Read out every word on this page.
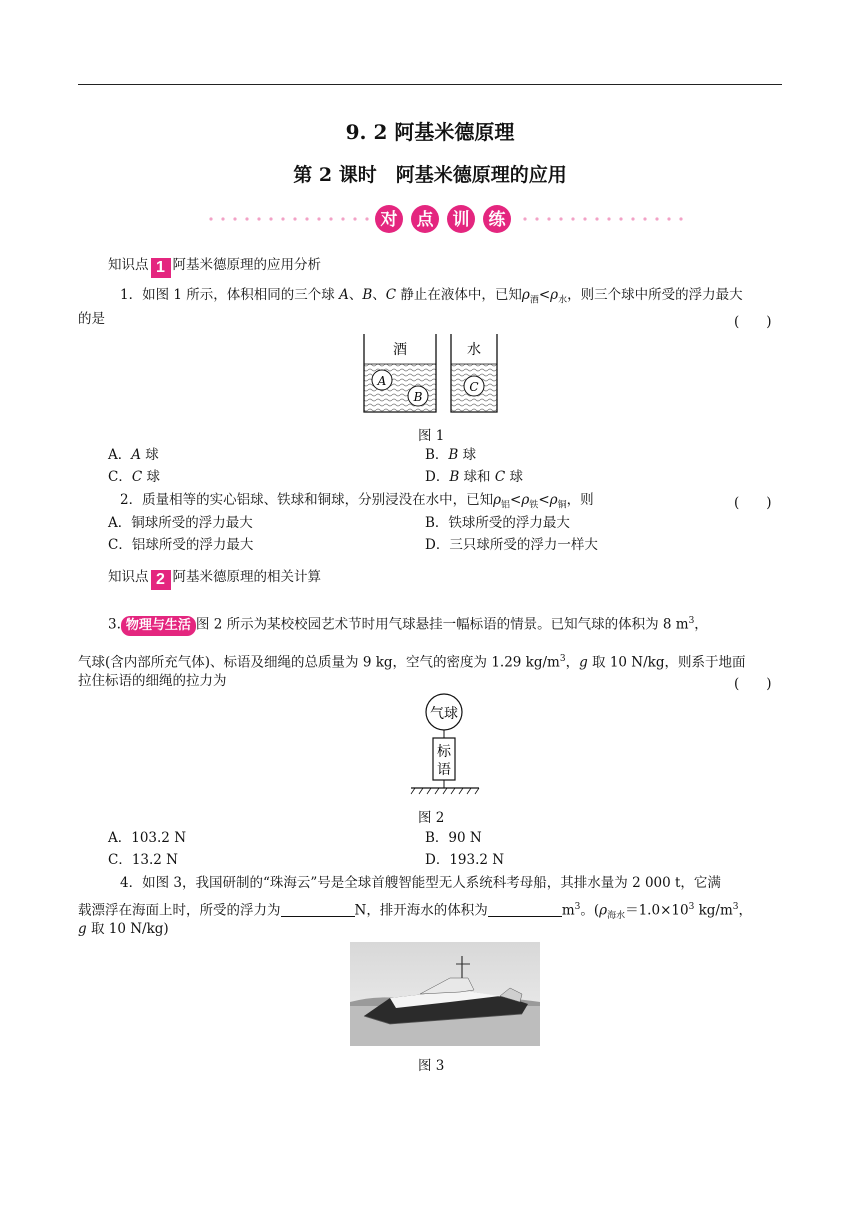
9. 2 阿基米德原理
第 2 课时　阿基米德原理的应用
对 点 训 练
知识点 1 阿基米德原理的应用分析
1．如图 1 所示，体积相同的三个球 A、B、C 静止在液体中，已知$\rho_酒<\rho_水$，则三个球中所受的浮力最大
的是	(　　)
酒	水
A
B
C
图 1
A．A 球	B．B 球
C．C 球	D．B 球和 C 球
2．质量相等的实心铝球、铁球和铜球，分别浸没在水中，已知$\rho_铝<\rho_铁<\rho_铜$，则	(　　)
A．铜球所受的浮力最大	B．铁球所受的浮力最大
C．铝球所受的浮力最大	D．三只球所受的浮力一样大
知识点 2 阿基米德原理的相关计算
3. 物理与生活 图 2 所示为某校校园艺术节时用气球悬挂一幅标语的情景。已知气球的体积为 8 $m^3$，
气球(含内部所充气体)、标语及细绳的总质量为 9 kg，空气的密度为 1.29 $kg/m^3$，g 取 10 N/kg，则系于地面
拉住标语的细绳的拉力为	(　　)
气球
标
语
图 2
A．103.2 N	B．90 N
C．13.2 N	D．193.2 N
4．如图 3，我国研制的“珠海云”号是全球首艘智能型无人系统科考母船，其排水量为 2 000 t，它满
载漂浮在海面上时，所受的浮力为	N，排开海水的体积为	$m^3$。($\rho_{海水}=1.0\times 10^3$ $kg/m^3$，
g 取 10 N/kg)
图 3
